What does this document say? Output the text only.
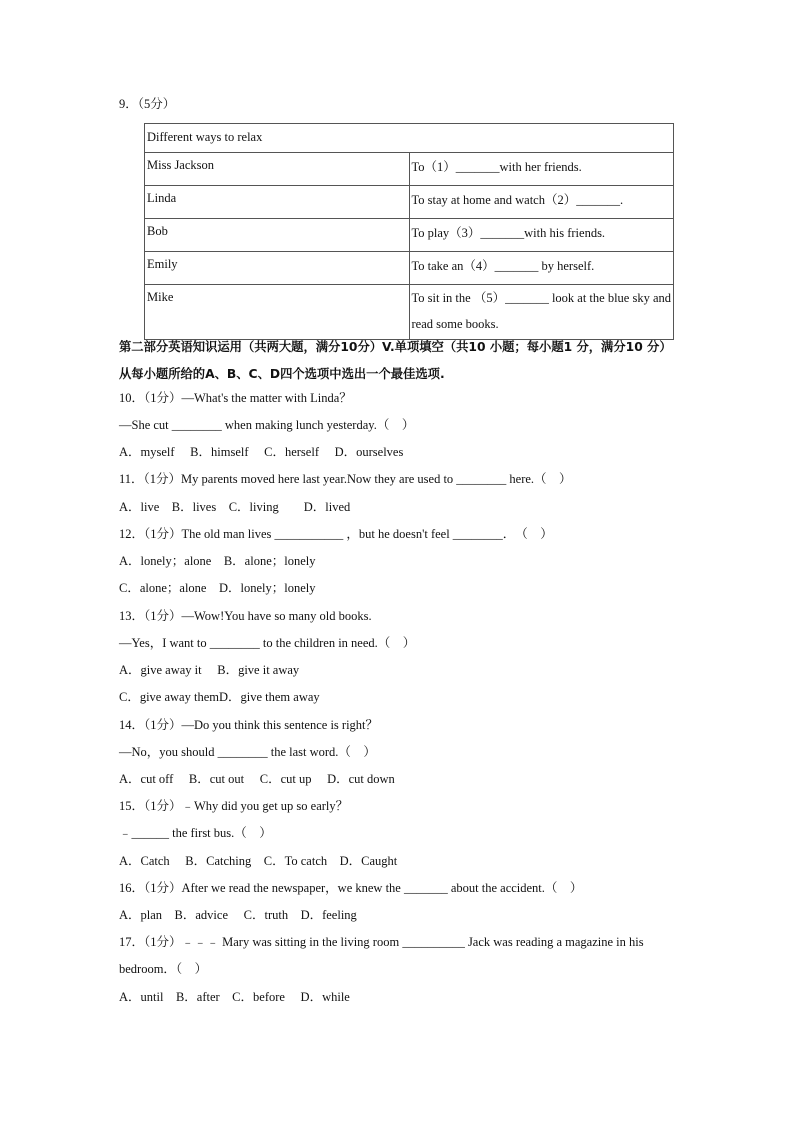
9．（5分）
Different ways to relax	
Miss Jackson	To（1）_______with her friends.
Linda	To stay at home and watch（2）_______.
Bob	To play（3）_______with his friends.
Emily	To take an（4）_______ by herself.
Mike	To sit in the （5）_______ look at the blue sky and read some books.
第二部分英语知识运用（共两大题，满分10分）V.单项填空（共10 小题；每小题1 分，满分10 分）从每小题所给的A、B、C、D四个选项中选出一个最佳选项.
10．（1分）—What's the matter with Linda？
—She cut ________ when making lunch yesterday.（　）
A．myself　 B．himself　 C．herself　 D．ourselves
11．（1分）My parents moved here last year.Now they are used to ________ here.（　）
A．live　B．lives　C．living　　D．lived
12．（1分）The old man lives ___________ ，but he doesn't feel ________．　（　）
A．lonely；alone　B．alone；lonely
C．alone；alone　D．lonely；lonely
13．（1分）—Wow!You have so many old books.
—Yes，I want to ________ to the children in need.（　）
A．give away it　 B．give it away
C．give away themD．give them away
14．（1分）—Do you think this sentence is right？
—No，you should ________ the last word.（　）
A．cut off　 B．cut out　 C．cut up　 D．cut down
15．（1分）﹣Why did you get up so early？
﹣______ the first bus.（　）
A．Catch　 B．Catching　C．To catch　D．Caught
16．（1分）After we read the newspaper，we knew the _______ about the accident.（　）
A．plan　B．advice　 C．truth　D．feeling
17．（1分）﹣﹣﹣ Mary was sitting in the living room __________ Jack was reading a magazine in his bedroom．（　）
A．until　B．after　C．before　 D．while
